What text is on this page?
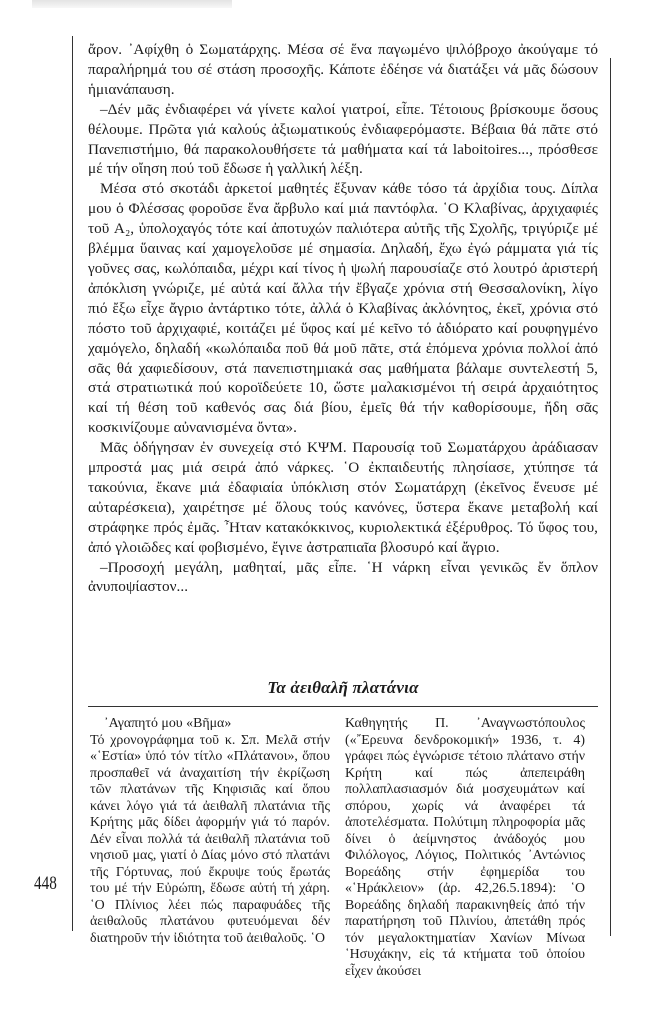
ἄρον. ᾿Αφίχθη ὁ Σωματάρχης. Μέσα σέ ἕνα παγωμένο ψιλόβροχο ἀκούγαμε τό παραλήρημά του σέ στάση προσοχῆς. Κάποτε ἐδέησε νά διατάξει νά μᾶς δώσουν ἡμιανάπαυση.

–Δέν μᾶς ἐνδιαφέρει νά γίνετε καλοί γιατροί, εἶπε. Τέτοιους βρίσκουμε ὅσους θέλουμε. Πρῶτα γιά καλούς ἀξιωματικούς ἐνδιαφερόμαστε. Βέβαια θά πᾶτε στό Πανεπιστήμιο, θά παρακολουθήσετε τά μαθήματα καί τά laboitoires..., πρόσθεσε μέ τήν οἴηση πού τοῦ ἔδωσε ἡ γαλλική λέξη.

Μέσα στό σκοτάδι ἀρκετοί μαθητές ἔξυναν κάθε τόσο τά ἀρχίδια τους. Δίπλα μου ὁ Φλέσσας φοροῦσε ἕνα ἄρβυλο καί μιά παντόφλα. ῾Ο Κλαβίνας, ἀρχιχαφιές τοῦ A₂, ὑπολοχαγός τότε καί ἀποτυχών παλιότερα αὐτῆς τῆς Σχολῆς, τριγύριζε μέ βλέμμα ὕαινας καί χαμογελοῦσε μέ σημασία. Δηλαδή, ἔχω ἐγώ ράμματα γιά τίς γοῦνες σας, κωλόπαιδα, μέχρι καί τίνος ἡ ψωλή παρουσίαζε στό λουτρό ἀριστερή ἀπόκλιση γνώριζε, μέ αὐτά καί ἄλλα τήν ἔβγαζε χρόνια στή Θεσσαλονίκη, λίγο πιό ἔξω εἶχε ἄγριο ἀντάρτικο τότε, ἀλλά ὁ Κλαβίνας ἀκλόνητος, ἐκεῖ, χρόνια στό πόστο τοῦ ἀρχιχαφιέ, κοιτάζει μέ ὕφος καί μέ κεῖνο τό ἀδιόρατο καί ρουφηγμένο χαμόγελο, δηλαδή «κωλόπαιδα ποῦ θά μοῦ πᾶτε, στά ἐπόμενα χρόνια πολλοί ἀπό σᾶς θά χαφιεδίσουν, στά πανεπιστημιακά σας μαθήματα βάλαμε συντελεστή 5, στά στρατιωτικά πού κοροϊδεύετε 10, ὥστε μαλακισμένοι τή σειρά ἀρχαιότητος καί τή θέση τοῦ καθενός σας διά βίου, ἐμεῖς θά τήν καθορίσουμε, ἤδη σᾶς κοσκινίζουμε αὐνανισμένα ὄντα».

Μᾶς ὁδήγησαν ἐν συνεχείᾳ στό ΚΨΜ. Παρουσίᾳ τοῦ Σωματάρχου ἀράδιασαν μπροστά μας μιά σειρά ἀπό νάρκες. ῾Ο ἐκπαιδευτής πλησίασε, χτύπησε τά τακούνια, ἔκανε μιά ἐδαφιαία ὑπόκλιση στόν Σωματάρχη (ἐκεῖνος ἔνευσε μέ αὐταρέσκεια), χαιρέτησε μέ ὅλους τούς κανόνες, ὕστερα ἔκανε μεταβολή καί στράφηκε πρός ἐμᾶς. Ἦταν κατακόκκινος, κυριολεκτικά ἐξέρυθρος. Τό ὕφος του, ἀπό γλοιῶδες καί φοβισμένο, ἔγινε ἀστραπιαῖα βλοσυρό καί ἄγριο.

–Προσοχή μεγάλη, μαθηταί, μᾶς εἶπε. ῾Η νάρκη εἶναι γενικῶς ἔν ὅπλον ἀνυποψίαστον...

Τα ἀειθαλῆ πλατάνια

᾿Αγαπητό μου «Βῆμα»

Τό χρονογράφημα τοῦ κ. Σπ. Μελᾶ στήν «῾Εστία» ὑπό τόν τίτλο «Πλάτανοι», ὅπου προσπαθεῖ νά ἀναχαιτίση τήν ἐκρίζωση τῶν πλατάνων τῆς Κηφισιᾶς καί ὅπου κάνει λόγο γιά τά ἀειθαλῆ πλατάνια τῆς Κρήτης μᾶς δίδει ἀφορμήν γιά τό παρόν. Δέν εἶναι πολλά τά ἀειθαλῆ πλατάνια τοῦ νησιοῦ μας, γιατί ὁ Δίας μόνο στό πλατάνι τῆς Γόρτυνας, πού ἔκρυψε τούς ἔρωτάς του μέ τήν Εὐρώπη, ἔδωσε αὐτή τή χάρη. ῾Ο Πλίνιος λέει πώς παραφυάδες τῆς ἀειθαλοῦς πλατάνου φυτευόμεναι δέν διατηροῦν τήν ἰδιότητα τοῦ ἀειθαλοῦς. ῾Ο

Καθηγητής Π. ᾿Αναγνωστόπουλος («῎Ερευνα δενδροκομική» 1936, τ. 4) γράφει πώς ἐγνώρισε τέτοιο πλάτανο στήν Κρήτη καί πώς ἀπεπειράθη πολλαπλασιασμόν διά μοσχευμάτων καί σπόρου, χωρίς νά ἀναφέρει τά ἀποτελέσματα. Πολύτιμη πληροφορία μᾶς δίνει ὁ ἀείμνηστος ἀνάδοχός μου Φιλόλογος, Λόγιος, Πολιτικός ᾿Αντώνιος Βορεάδης στήν ἐφημερίδα του «῾Ηράκλειον» (ἀρ. 42,26.5.1894): ῾Ο Βορεάδης δηλαδή παρακινηθείς ἀπό τήν παρατήρηση τοῦ Πλινίου, ἀπετάθη πρός τόν μεγαλοκτηματίαν Χανίων Μίνωα ῾Ησυχάκην, εἰς τά κτήματα τοῦ ὁποίου εἶχεν ἀκούσει

448
